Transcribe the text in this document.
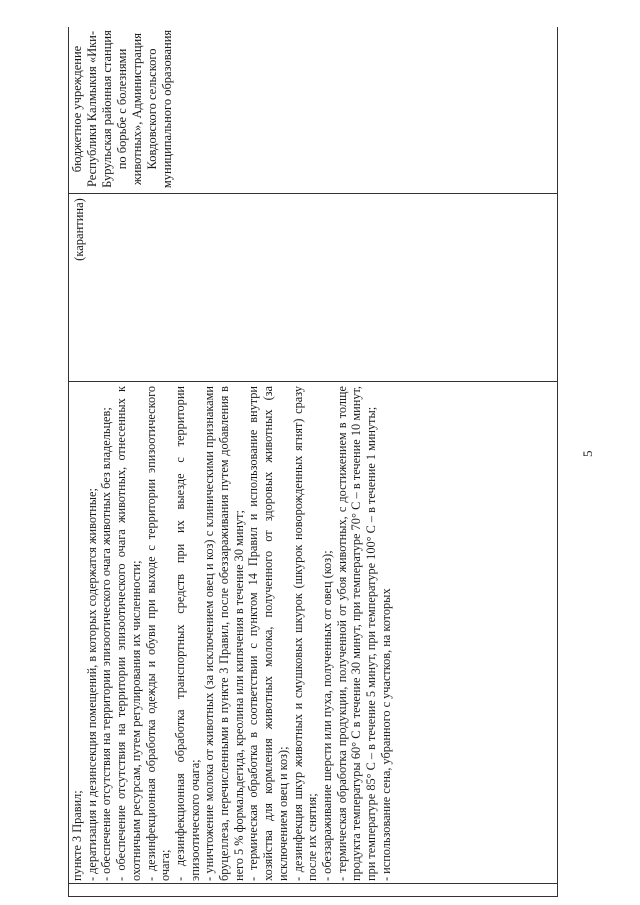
пункте 3 Правил; - дератизация и дезинсекция помещений, в которых содержатся животные; - обеспечение отсутствия на территории эпизоотического очага животных без владельцев; - обеспечение отсутствия на территории эпизоотического очага животных, отнесенных к охотничьим ресурсам, путем регулирования их численности; - дезинфекционная обработка одежды и обуви при выходе с территории эпизоотического очага; - дезинфекционная обработка транспортных средств при их выезде с территории эпизоотического очага; - уничтожение молока от животных (за исключением овец и коз) с клиническими признаками бруцеллеза, перечисленными в пункте 3 Правил, после обеззараживания путем добавления в него 5 % формальдегида, креолина или кипячения в течение 30 минут; - термическая обработка в соответствии с пунктом 14 Правил и использование внутри хозяйства для кормления животных молока, полученного от здоровых животных (за исключением овец и коз); - дезинфекция шкур животных и смушковых шкурок (шкурок новорожденных ягнят) сразу после их снятия; - обеззараживание шерсти или пуха, полученных от овец (коз); - термическая обработка продукции, полученной от убоя животных, с достижением в толще продукта температуры 60° С в течение 30 минут, при температуре 70° С – в течение 10 минут, при температуре 85° С – в течение 5 минут, при температуре 100° С – в течение 1 минуты; - использование сена, убранного с участков, на которых

(карантина)
бюджетное учреждение Республики Калмыкия «Ики-Бурульская районная станция по борьбе с болезнями животных», Администрация Ковдовского сельского муниципального образования
5
